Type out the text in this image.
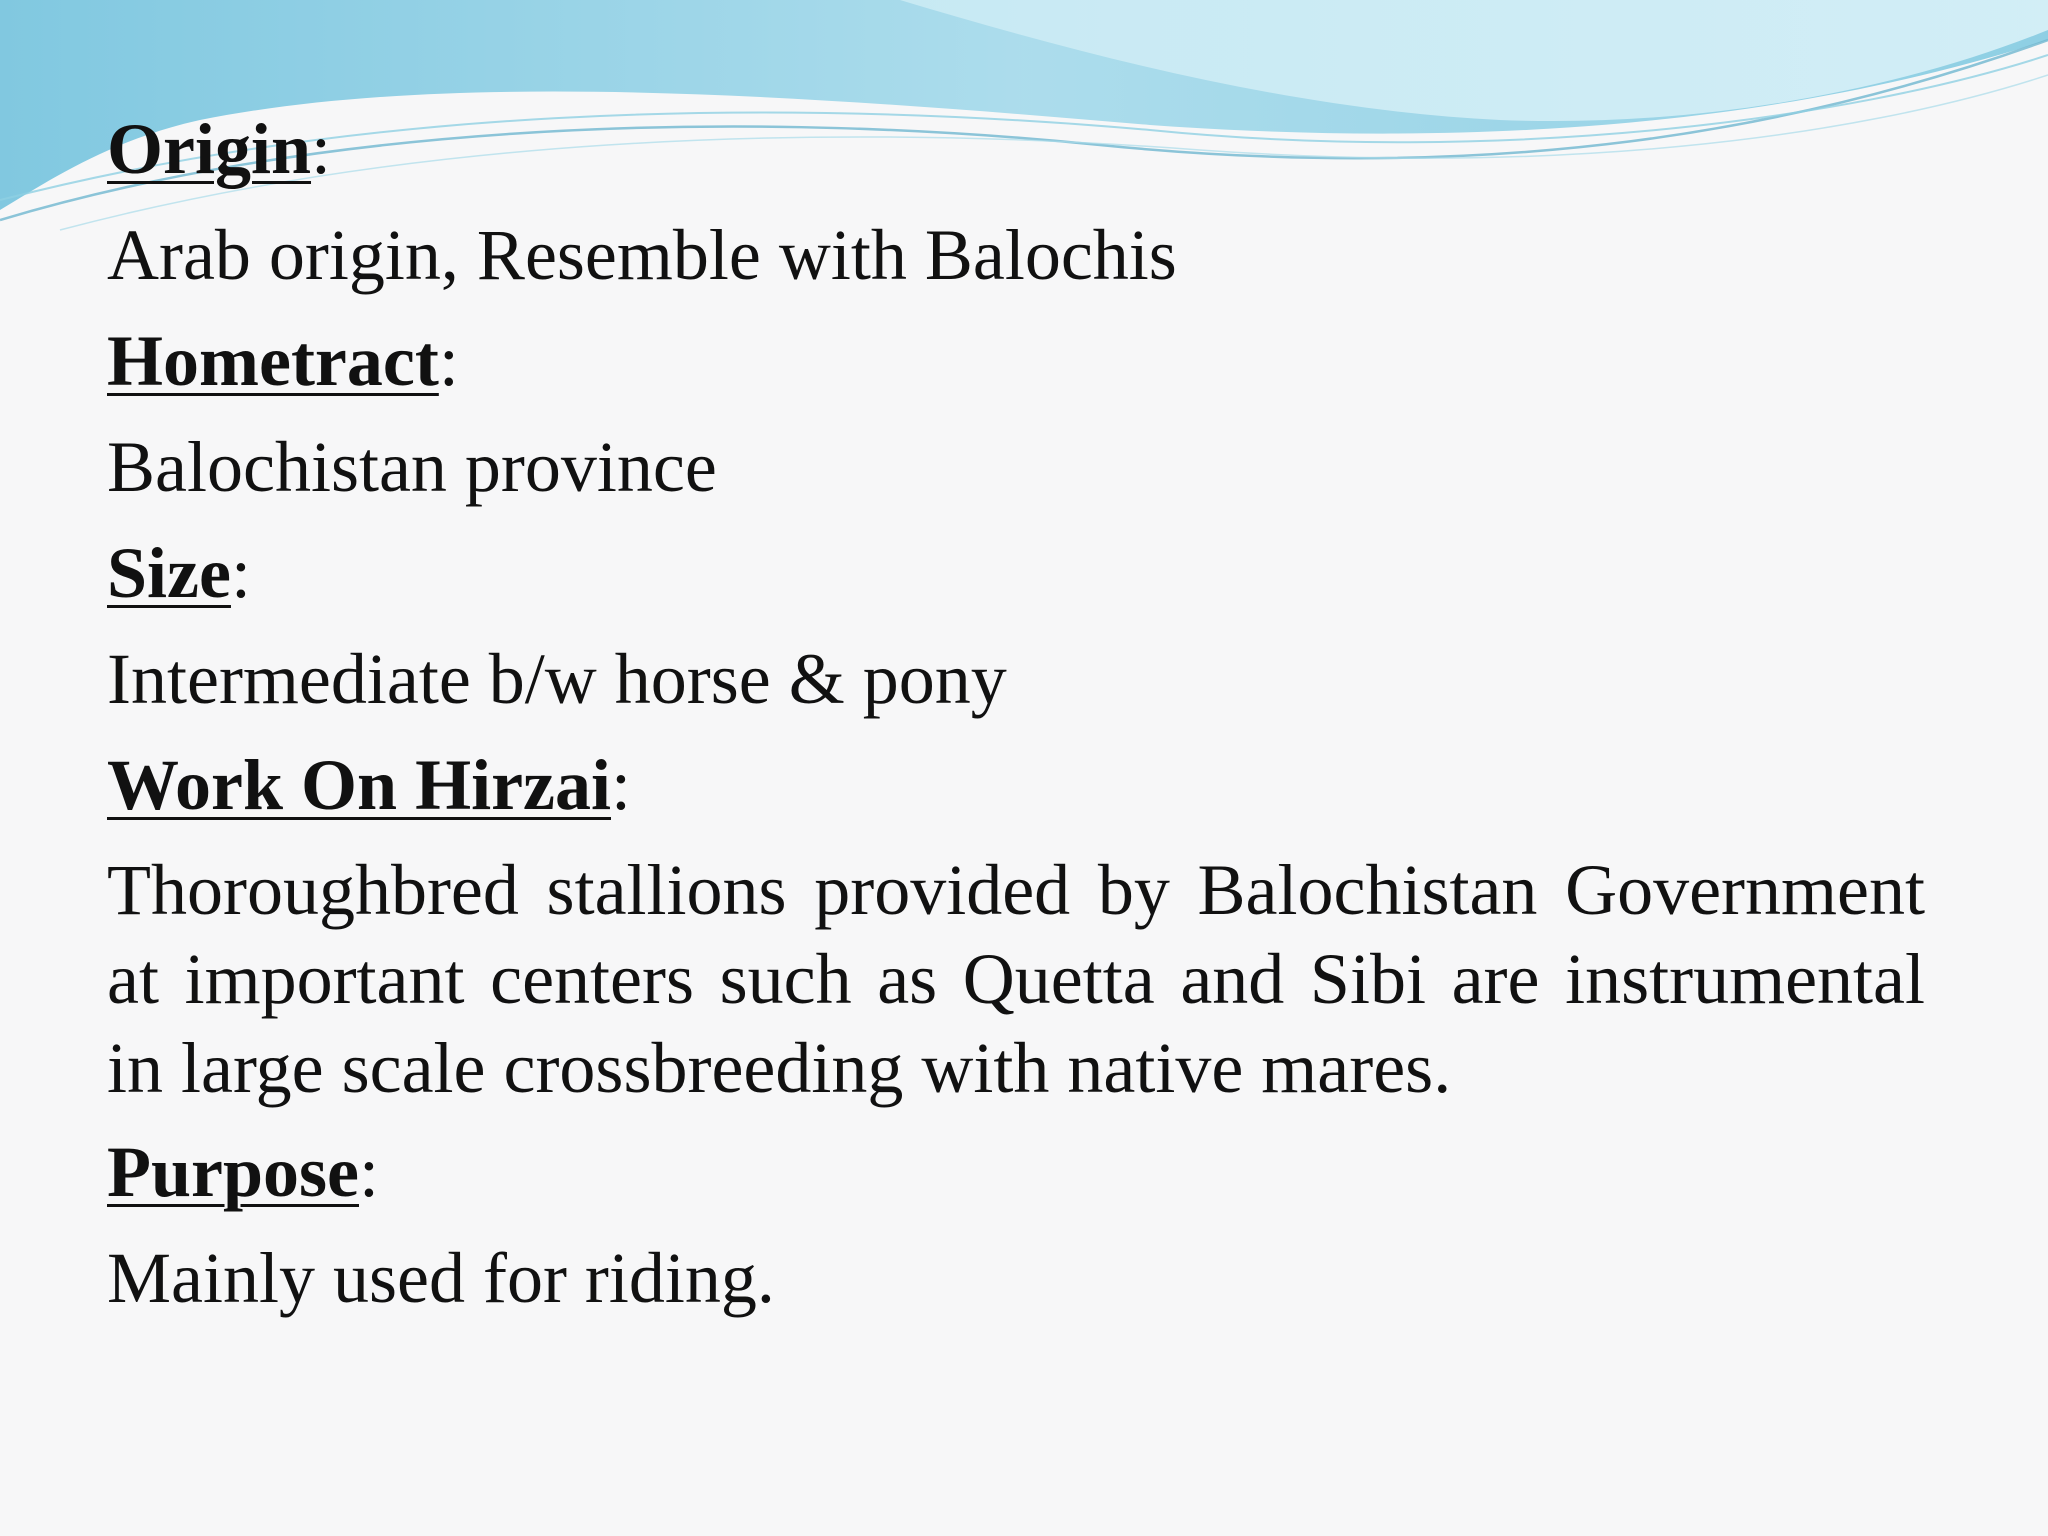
Origin:
Arab origin, Resemble with Balochis
Hometract:
Balochistan province
Size:
Intermediate b/w horse & pony
Work On Hirzai:
Thoroughbred stallions provided by Balochistan Government at important centers such as Quetta and Sibi are instrumental in large scale crossbreeding with native mares.
Purpose:
Mainly used for riding.
